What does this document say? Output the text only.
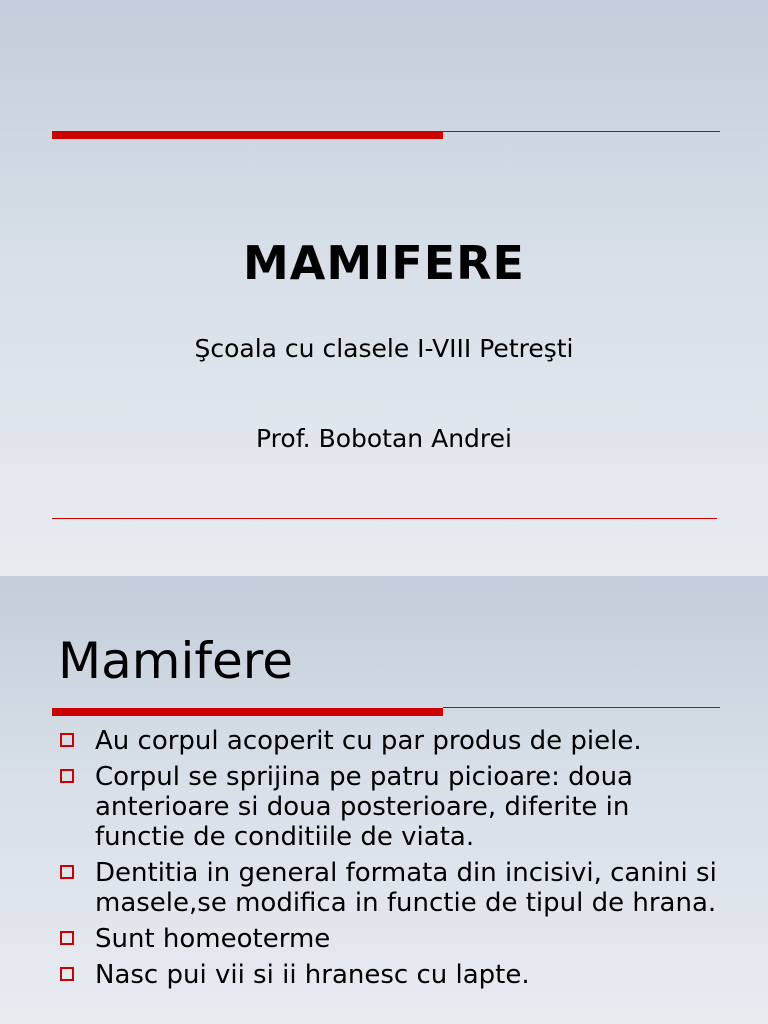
MAMIFERE
Şcoala cu clasele I-VIII Petreşti
Prof. Bobotan Andrei
Mamifere
Au corpul acoperit cu par produs de piele.
Corpul se sprijina pe patru picioare: doua anterioare si doua posterioare, diferite in functie de conditiile de viata.
Dentitia in general formata din incisivi, canini si masele,se modifica in functie de tipul de hrana.
Sunt homeoterme
Nasc pui vii si ii hranesc cu lapte.
